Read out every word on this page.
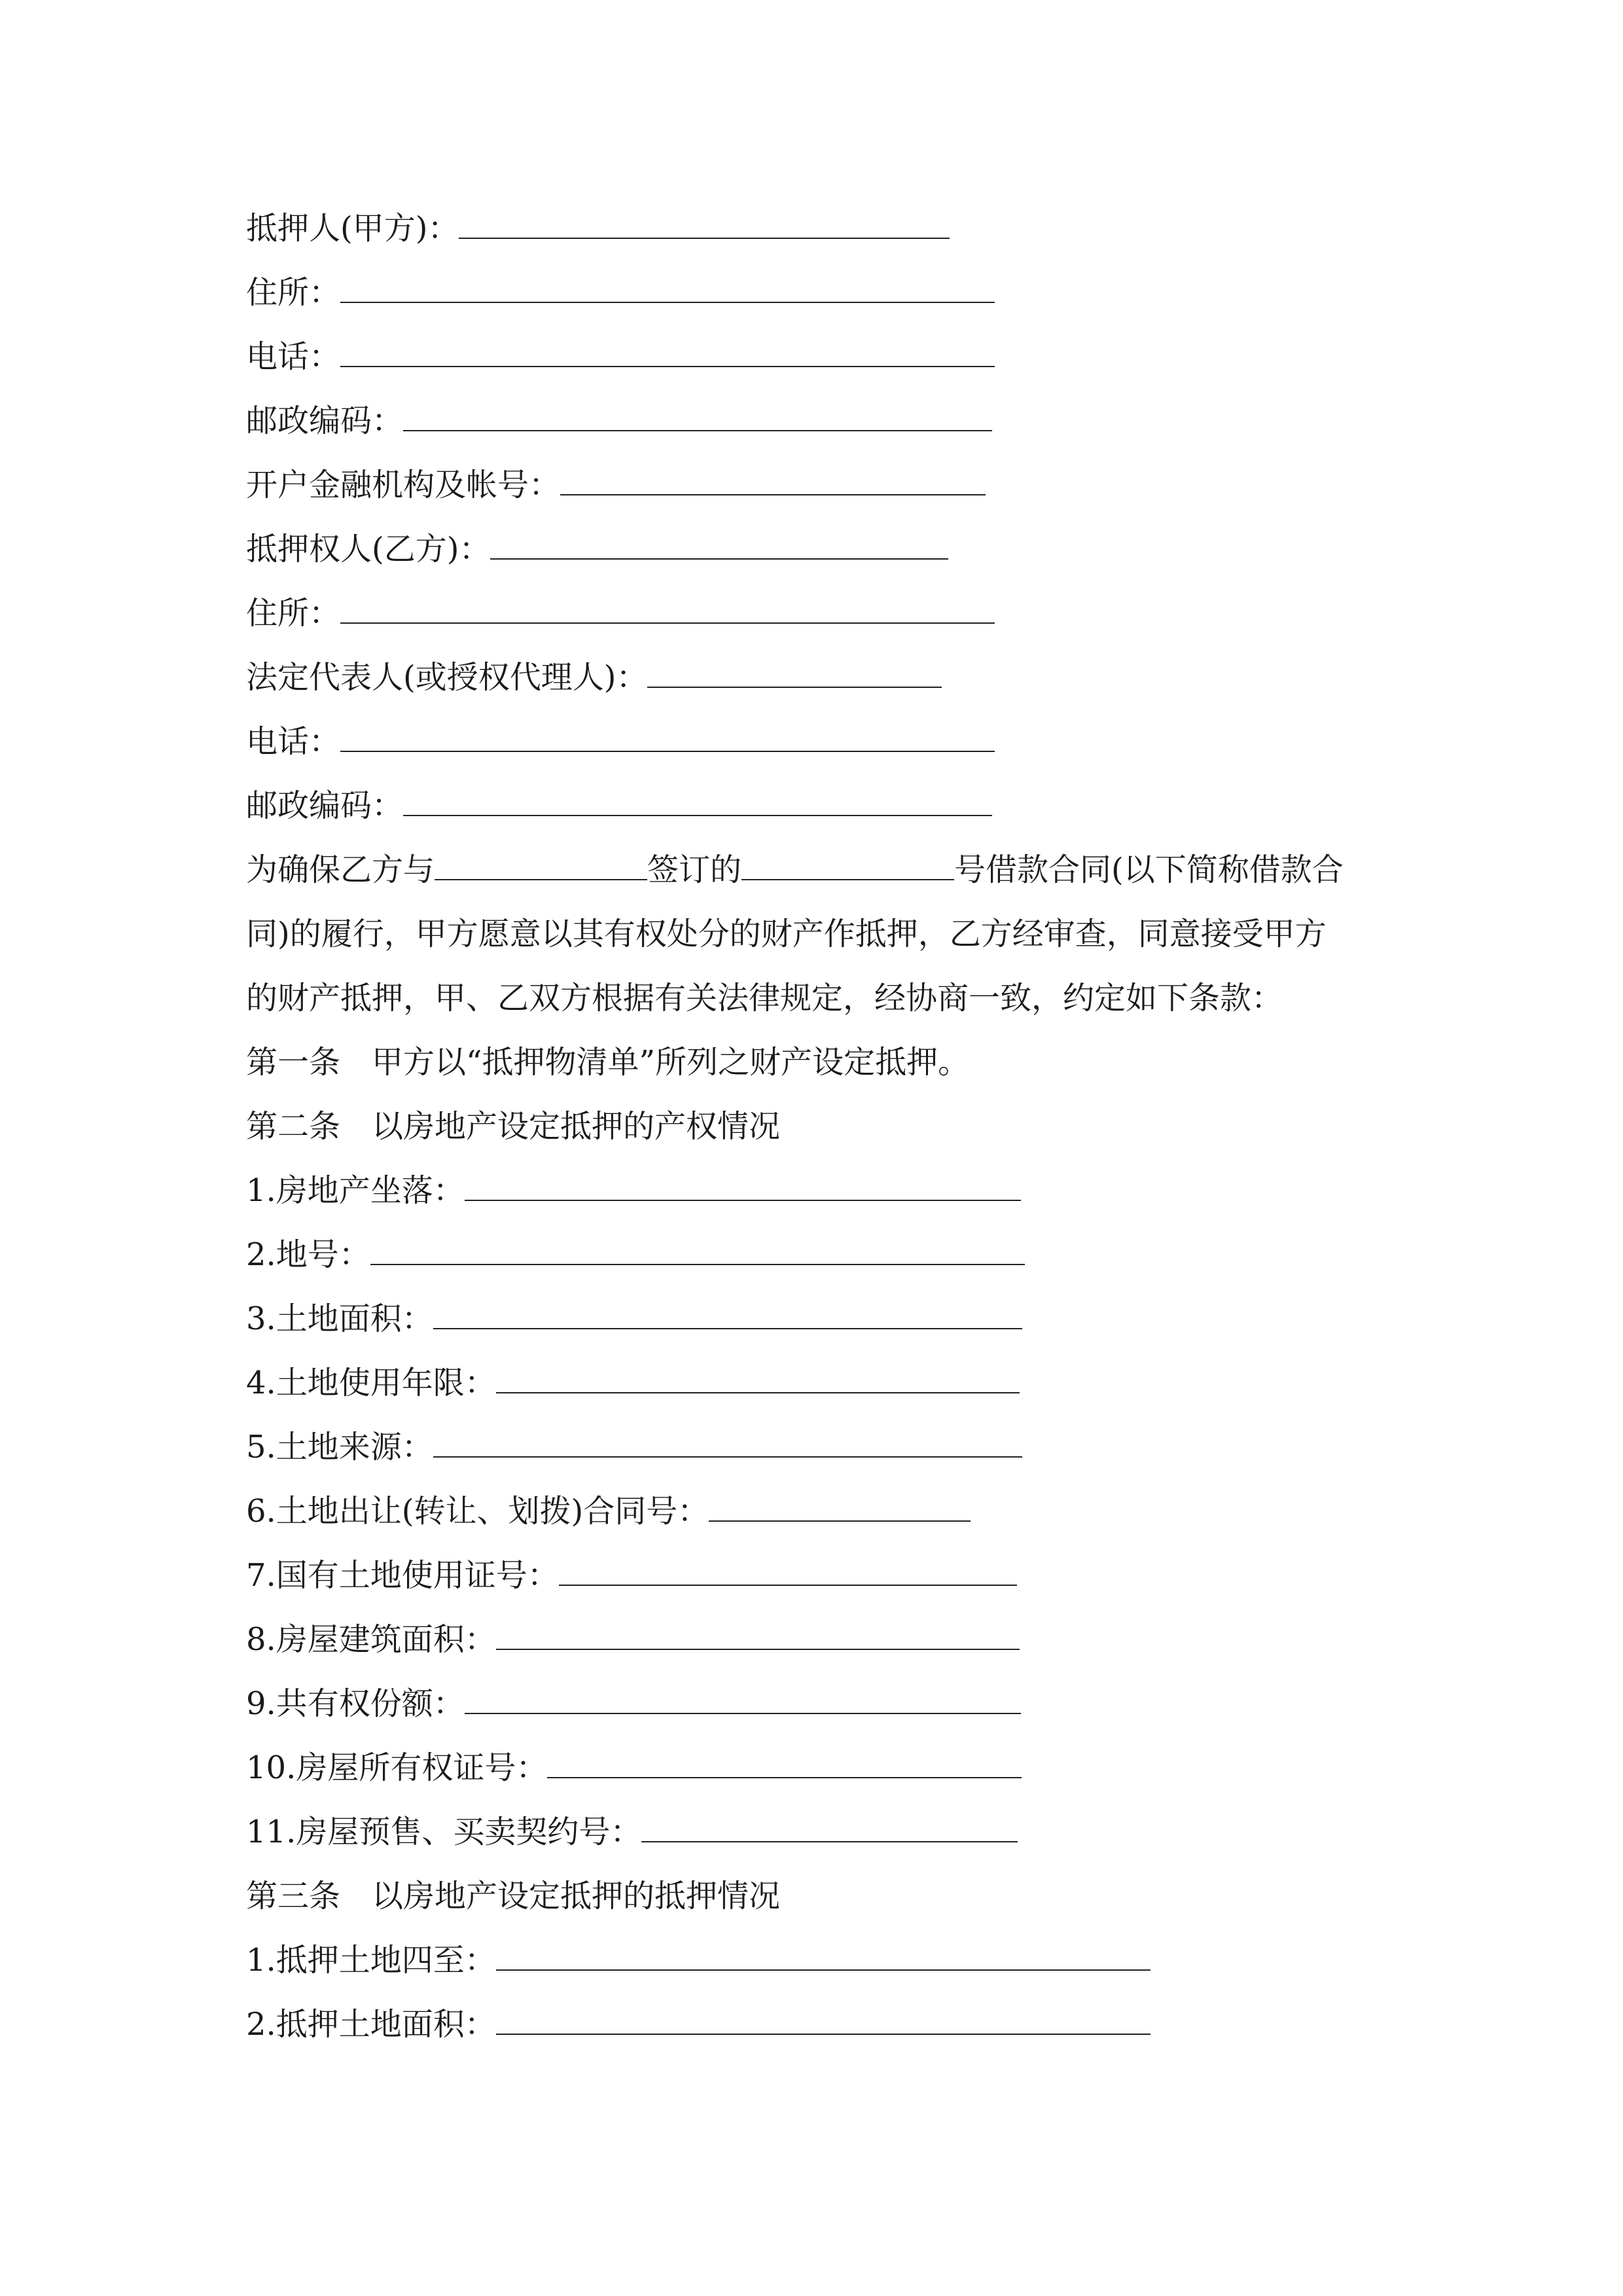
抵押人(甲方)：
住所：
电话：
邮政编码：
开户金融机构及帐号：
抵押权人(乙方)：
住所：
法定代表人(或授权代理人)：
电话：
邮政编码：
为确保乙方与	签订的	号借款合同(以下简称借款合
同)的履行，甲方愿意以其有权处分的财产作抵押，乙方经审查，同意接受甲方
的财产抵押，甲、乙双方根据有关法律规定，经协商一致，约定如下条款：
第一条　甲方以“抵押物清单”所列之财产设定抵押。
第二条　以房地产设定抵押的产权情况
1.房地产坐落：
2.地号：
3.土地面积：
4.土地使用年限：
5.土地来源：
6.土地出让(转让、划拨)合同号：
7.国有土地使用证号：
8.房屋建筑面积：
9.共有权份额：
10.房屋所有权证号：
11.房屋预售、买卖契约号：
第三条　以房地产设定抵押的抵押情况
1.抵押土地四至：
2.抵押土地面积：
